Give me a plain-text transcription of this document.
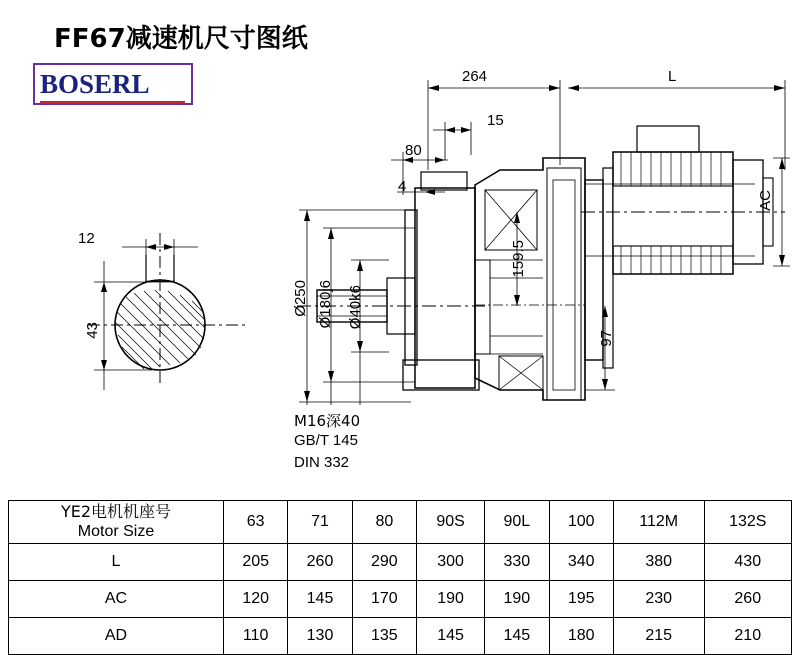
FF67减速机尺寸图纸
BOSERL
12
43
264	L
15
80
4
AC
159.5
97
Ø250 Ø180j6 Ø40k6
M16深40
GB/T 145
DIN 332
YE2电机机座号
Motor Size	63	71	80	90S	90L	100	112M	132S
L	205	260	290	300	330	340	380	430
AC	120	145	170	190	190	195	230	260
AD	110	130	135	145	145	180	215	210
